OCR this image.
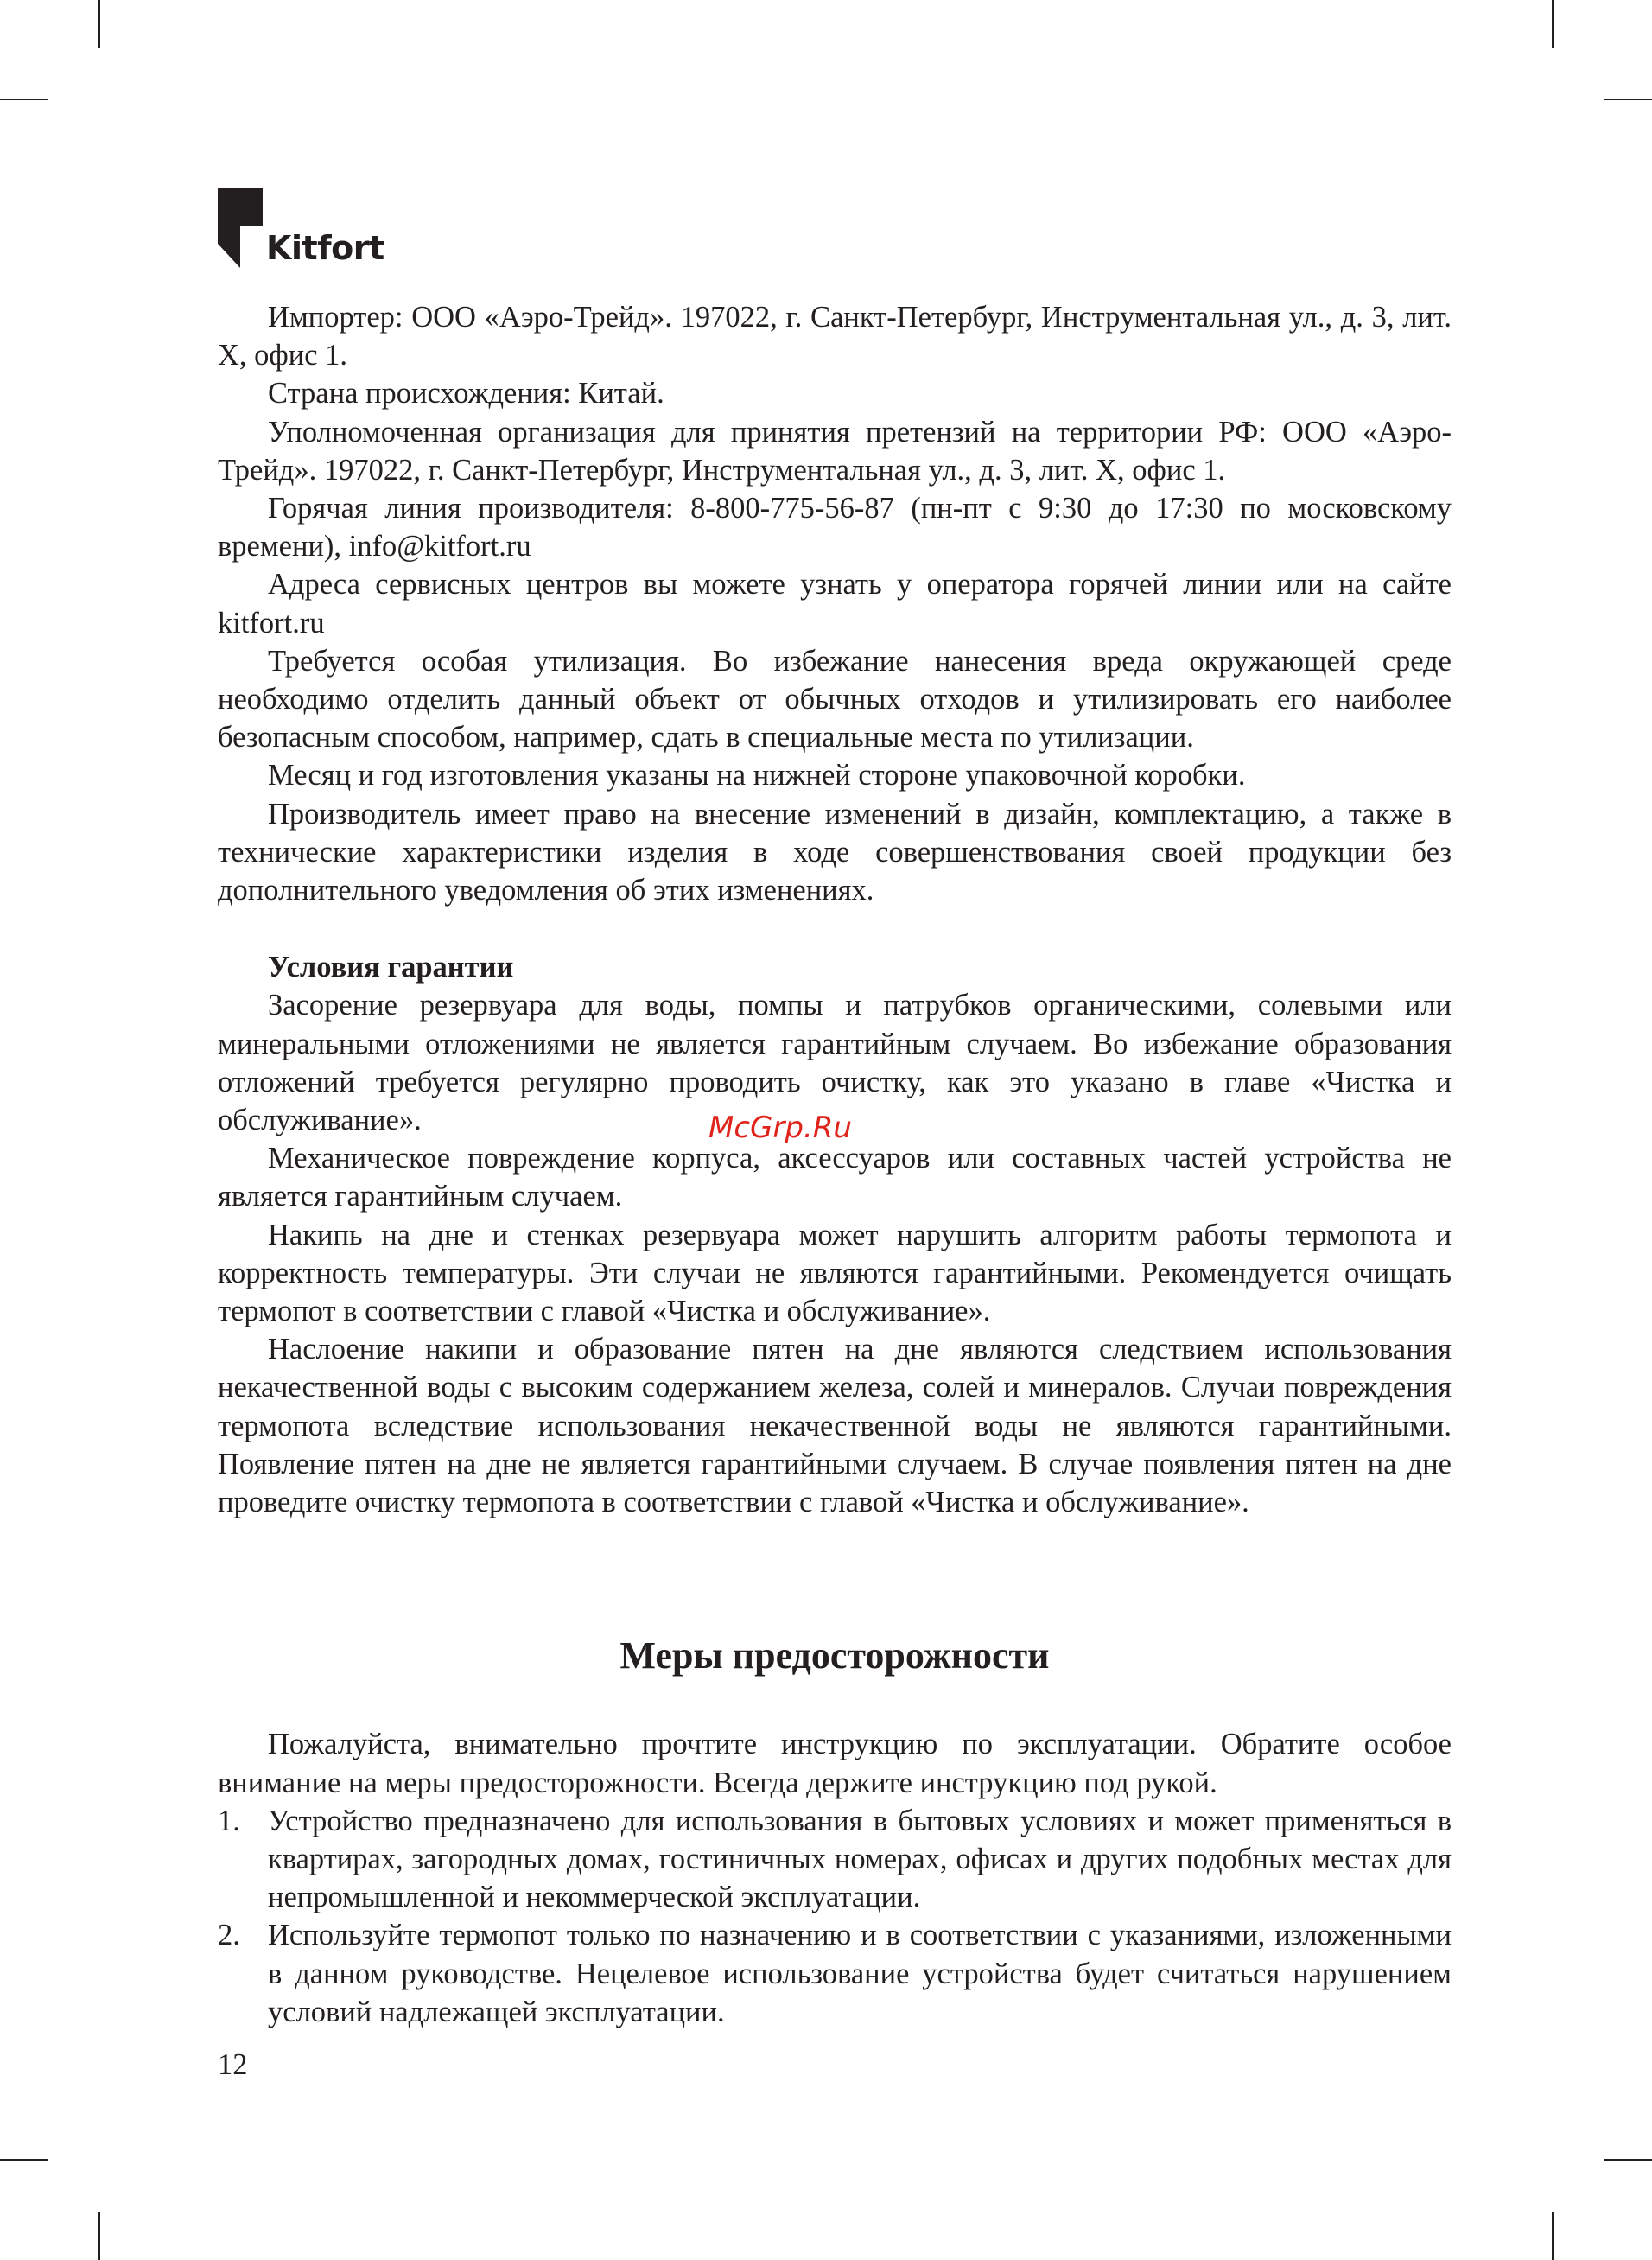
Kitfort
McGrp.Ru

Импортер: ООО «Аэро-Трейд». 197022, г. Санкт-Петербург, Инструментальная ул., д. 3, лит. Х, офис 1.

Страна происхождения: Китай.

Уполномоченная организация для принятия претензий на территории РФ: ООО «Аэро-Трейд». 197022, г. Санкт-Петербург, Инструментальная ул., д. 3, лит. Х, офис 1.

Горячая линия производителя: 8-800-775-56-87 (пн-пт с 9:30 до 17:30 по московскому времени), info@kitfort.ru

Адреса сервисных центров вы можете узнать у оператора горячей линии или на сайте kitfort.ru

Требуется особая утилизация. Во избежание нанесения вреда окружающей среде необходимо отделить данный объект от обычных отходов и утилизировать его наиболее безопасным способом, например, сдать в специальные места по утилизации.

Месяц и год изготовления указаны на нижней стороне упаковочной коробки.

Производитель имеет право на внесение изменений в дизайн, комплектацию, а также в технические характеристики изделия в ходе совершенствования своей продукции без дополнительного уведомления об этих изменениях.

Условия гарантии

Засорение резервуара для воды, помпы и патрубков органическими, солевыми или минеральными отложениями не является гарантийным случаем. Во избежание образования отложений требуется регулярно проводить очистку, как это указано в главе «Чистка и обслуживание».

Механическое повреждение корпуса, аксессуаров или составных частей устройства не является гарантийным случаем.

Накипь на дне и стенках резервуара может нарушить алгоритм работы термопота и корректность температуры. Эти случаи не являются гарантийными. Рекомендуется очищать термопот в соответствии с главой «Чистка и обслуживание».

Наслоение накипи и образование пятен на дне являются следствием использования некачественной воды с высоким содержанием железа, солей и минералов. Случаи повреждения термопота вследствие использования некачественной воды не являются гарантийными. Появление пятен на дне не является гарантийными случаем. В случае появления пятен на дне проведите очистку термопота в соответствии с главой «Чистка и обслуживание».

Меры предосторожности

Пожалуйста, внимательно прочтите инструкцию по эксплуатации. Обратите особое внимание на меры предосторожности. Всегда держите инструкцию под рукой.

1. Устройство предназначено для использования в бытовых условиях и может применяться в квартирах, загородных домах, гостиничных номерах, офисах и других подобных местах для непромышленной и некоммерческой эксплуатации.
2. Используйте термопот только по назначению и в соответствии с указаниями, изложенными в данном руководстве. Нецелевое использование устройства будет считаться нарушением условий надлежащей эксплуатации.
12
